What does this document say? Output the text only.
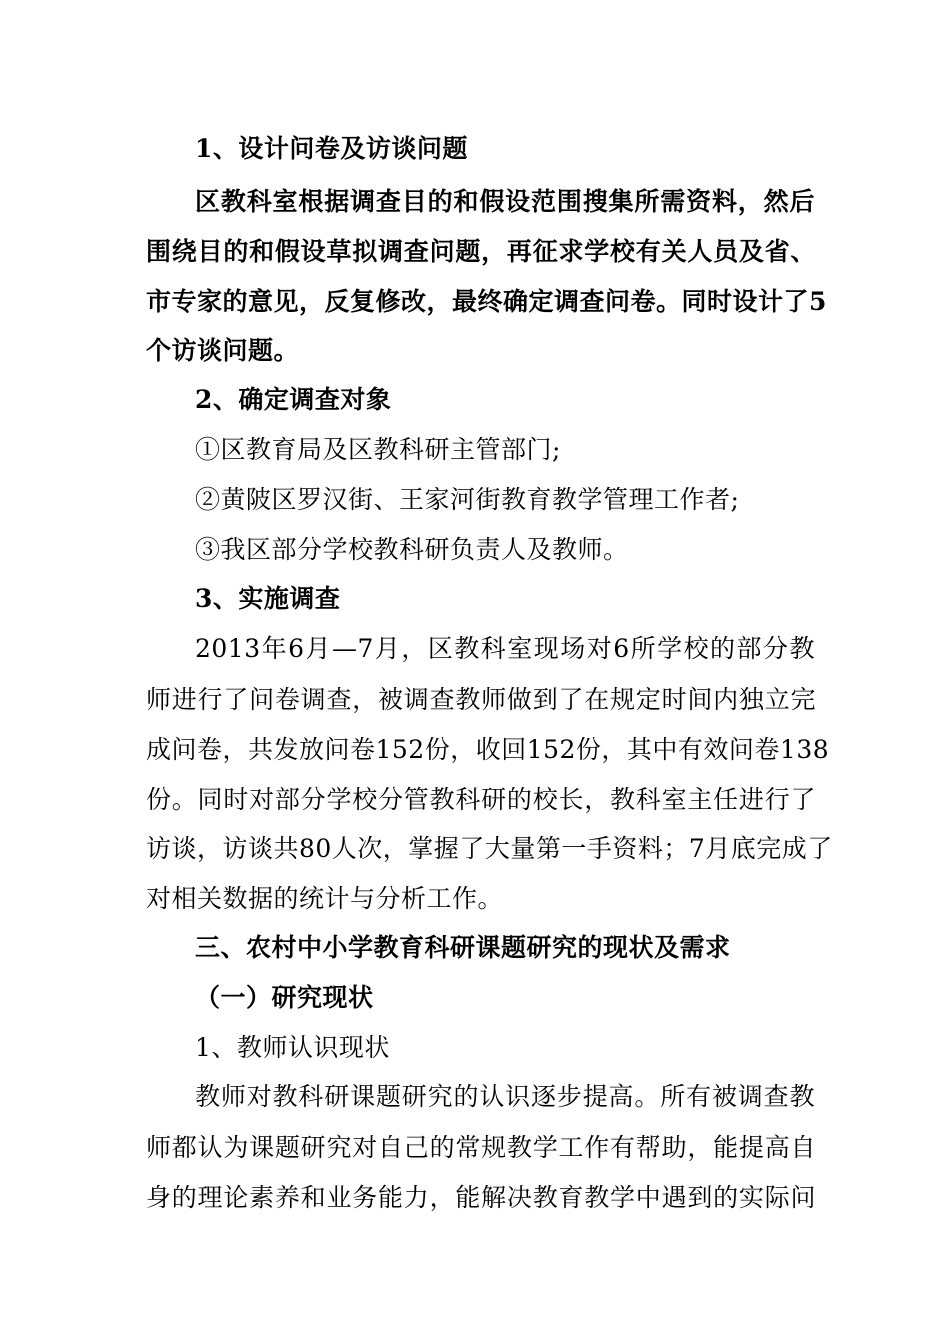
1、设计问卷及访谈问题
区教科室根据调查目的和假设范围搜集所需资料，然后
围绕目的和假设草拟调查问题，再征求学校有关人员及省、
市专家的意见，反复修改，最终确定调查问卷。同时设计了5
个访谈问题。
2、确定调查对象
①区教育局及区教科研主管部门;
②黄陂区罗汉街、王家河街教育教学管理工作者;
③我区部分学校教科研负责人及教师。
3、实施调查
2013年6月—7月，区教科室现场对6所学校的部分教
师进行了问卷调查，被调查教师做到了在规定时间内独立完
成问卷，共发放问卷152份，收回152份，其中有效问卷138
份。同时对部分学校分管教科研的校长，教科室主任进行了
访谈，访谈共80人次，掌握了大量第一手资料；7月底完成了
对相关数据的统计与分析工作。
三、农村中小学教育科研课题研究的现状及需求
（一）研究现状
1、教师认识现状
教师对教科研课题研究的认识逐步提高。所有被调查教
师都认为课题研究对自己的常规教学工作有帮助，能提高自
身的理论素养和业务能力，能解决教育教学中遇到的实际问
